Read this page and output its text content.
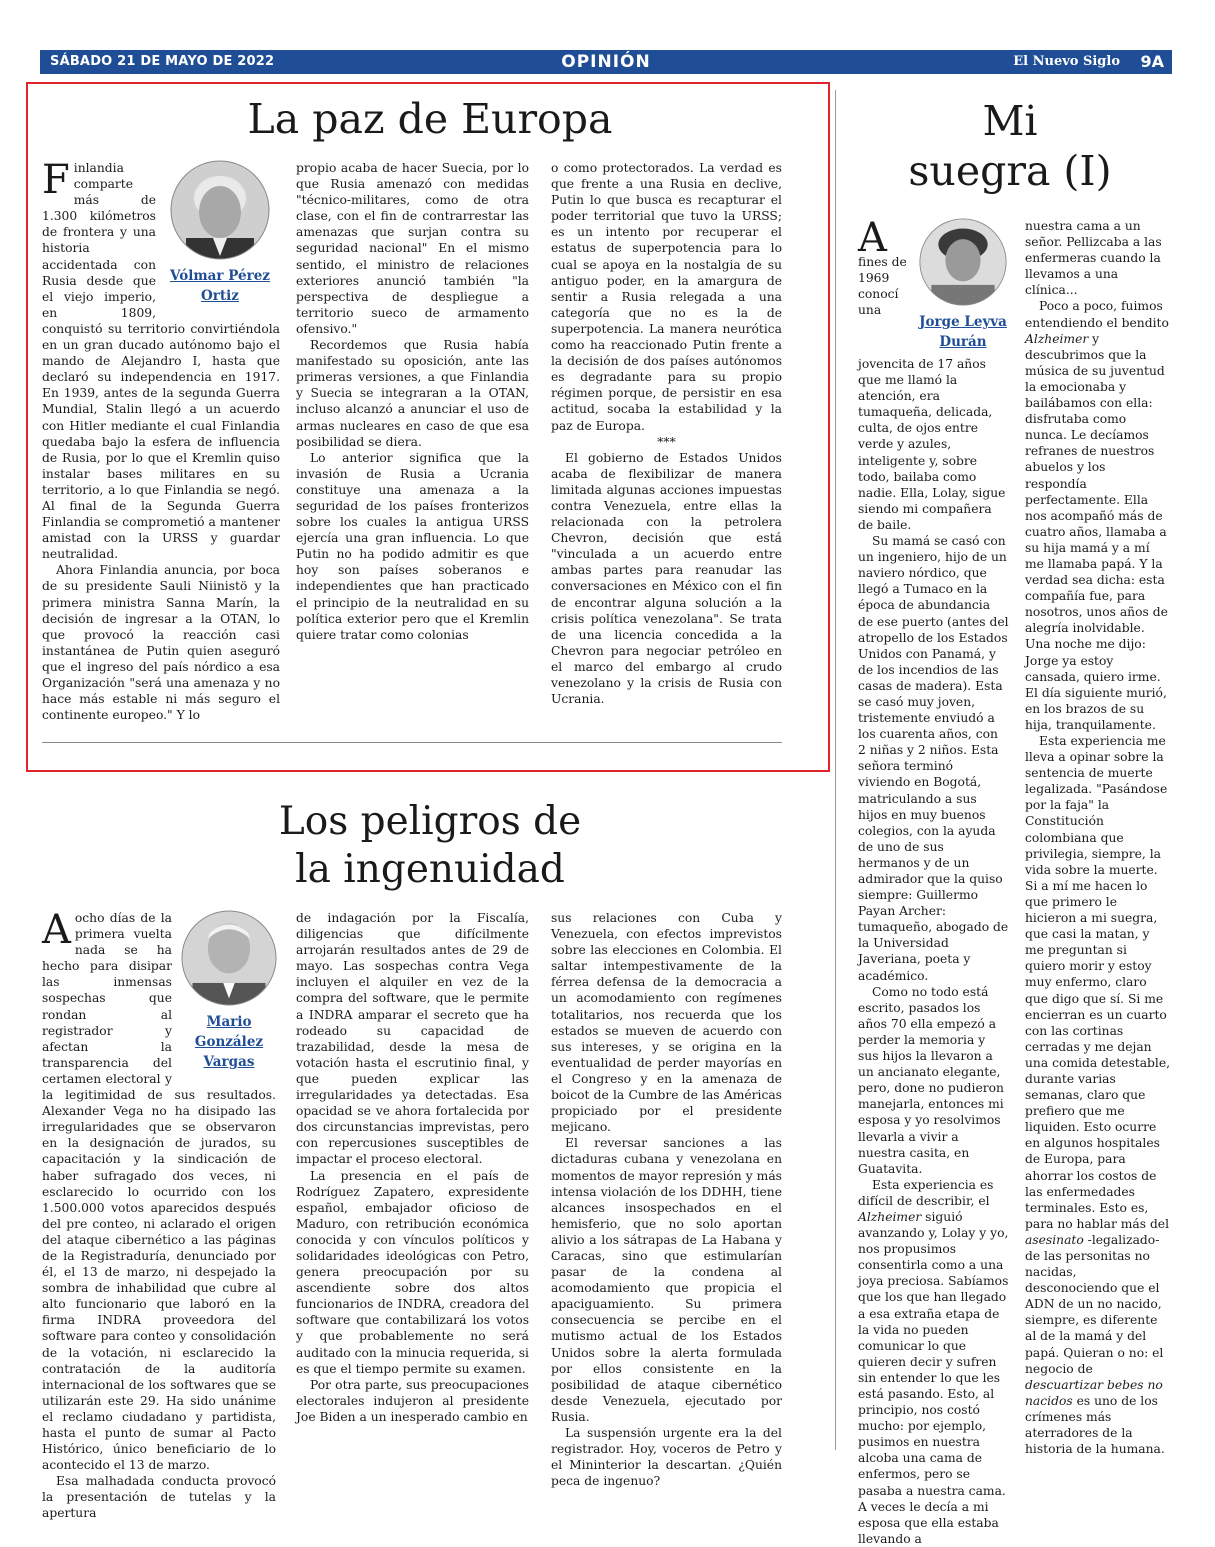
OPINIÓN
SÁBADO 21 DE MAYO DE 2022	El Nuevo Siglo 9A
La paz de Europa
Vólmar Pérez Ortiz

Finlandia comparte más de 1.300 kilómetros de frontera y una historia accidentada con Rusia desde que el viejo imperio, en 1809, conquistó su territorio convirtiéndola en un gran ducado autónomo bajo el mando de Alejandro I, hasta que declaró su independencia en 1917. En 1939, antes de la segunda Guerra Mundial, Stalin llegó a un acuerdo con Hitler mediante el cual Finlandia quedaba bajo la esfera de influencia de Rusia, por lo que el Kremlin quiso instalar bases militares en su territorio, a lo que Finlandia se negó. Al final de la Segunda Guerra Finlandia se comprometió a mantener amistad con la URSS y guardar neutralidad.

Ahora Finlandia anuncia, por boca de su presidente Sauli Niinistö y la primera ministra Sanna Marín, la decisión de ingresar a la OTAN, lo que provocó la reacción casi instantánea de Putin quien aseguró que el ingreso del país nórdico a esa Organización "será una amenaza y no hace más estable ni más seguro el continente europeo." Y lo

propio acaba de hacer Suecia, por lo que Rusia amenazó con medidas "técnico-militares, como de otra clase, con el fin de contrarrestar las amenazas que surjan contra su seguridad nacional" En el mismo sentido, el ministro de relaciones exteriores anunció también "la perspectiva de despliegue a territorio sueco de armamento ofensivo."

Recordemos que Rusia había manifestado su oposición, ante las primeras versiones, a que Finlandia y Suecia se integraran a la OTAN, incluso alcanzó a anunciar el uso de armas nucleares en caso de que esa posibilidad se diera.

Lo anterior significa que la invasión de Rusia a Ucrania constituye una amenaza a la seguridad de los países fronterizos sobre los cuales la antigua URSS ejercía una gran influencia. Lo que Putin no ha podido admitir es que hoy son países soberanos e independientes que han practicado el principio de la neutralidad en su política exterior pero que el Kremlin quiere tratar como colonias

o como protectorados. La verdad es que frente a una Rusia en declive, Putin lo que busca es recapturar el poder territorial que tuvo la URSS; es un intento por recuperar el estatus de superpotencia para lo cual se apoya en la nostalgia de su antiguo poder, en la amargura de sentir a Rusia relegada a una categoría que no es la de superpotencia. La manera neurótica como ha reaccionado Putin frente a la decisión de dos países autónomos es degradante para su propio régimen porque, de persistir en esa actitud, socaba la estabilidad y la paz de Europa.

***

El gobierno de Estados Unidos acaba de flexibilizar de manera limitada algunas acciones impuestas contra Venezuela, entre ellas la relacionada con la petrolera Chevron, decisión que está "vinculada a un acuerdo entre ambas partes para reanudar las conversaciones en México con el fin de encontrar alguna solución a la crisis política venezolana". Se trata de una licencia concedida a la Chevron para negociar petróleo en el marco del embargo al crudo venezolano y la crisis de Rusia con Ucrania.

Los peligros de
la ingenuidad
Mario González Vargas

Aocho días de la primera vuelta nada se ha hecho para disipar las inmensas sospechas que rondan al registrador y afectan la transparencia del certamen electoral y la legitimidad de sus resultados. Alexander Vega no ha disipado las irregularidades que se observaron en la designación de jurados, su capacitación y la sindicación de haber sufragado dos veces, ni esclarecido lo ocurrido con los 1.500.000 votos aparecidos después del pre conteo, ni aclarado el origen del ataque cibernético a las páginas de la Registraduría, denunciado por él, el 13 de marzo, ni despejado la sombra de inhabilidad que cubre al alto funcionario que laboró en la firma INDRA proveedora del software para conteo y consolidación de la votación, ni esclarecido la contratación de la auditoría internacional de los softwares que se utilizarán este 29. Ha sido unánime el reclamo ciudadano y partidista, hasta el punto de sumar al Pacto Histórico, único beneficiario de lo acontecido el 13 de marzo.

Esa malhadada conducta provocó la presentación de tutelas y la apertura

de indagación por la Fiscalía, diligencias que difícilmente arrojarán resultados antes de 29 de mayo. Las sospechas contra Vega incluyen el alquiler en vez de la compra del software, que le permite a INDRA amparar el secreto que ha rodeado su capacidad de trazabilidad, desde la mesa de votación hasta el escrutinio final, y que pueden explicar las irregularidades ya detectadas. Esa opacidad se ve ahora fortalecida por dos circunstancias imprevistas, pero con repercusiones susceptibles de impactar el proceso electoral.

La presencia en el país de Rodríguez Zapatero, expresidente español, embajador oficioso de Maduro, con retribución económica conocida y con vínculos políticos y solidaridades ideológicas con Petro, genera preocupación por su ascendiente sobre dos altos funcionarios de INDRA, creadora del software que contabilizará los votos y que probablemente no será auditado con la minucia requerida, si es que el tiempo permite su examen.

Por otra parte, sus preocupaciones electorales indujeron al presidente Joe Biden a un inesperado cambio en

sus relaciones con Cuba y Venezuela, con efectos imprevistos sobre las elecciones en Colombia. El saltar intempestivamente de la férrea defensa de la democracia a un acomodamiento con regímenes totalitarios, nos recuerda que los estados se mueven de acuerdo con sus intereses, y se origina en la eventualidad de perder mayorías en el Congreso y en la amenaza de boicot de la Cumbre de las Américas propiciado por el presidente mejicano.

El reversar sanciones a las dictaduras cubana y venezolana en momentos de mayor represión y más intensa violación de los DDHH, tiene alcances insospechados en el hemisferio, que no solo aportan alivio a los sátrapas de La Habana y Caracas, sino que estimularían pasar de la condena al acomodamiento que propicia el apaciguamiento. Su primera consecuencia se percibe en el mutismo actual de los Estados Unidos sobre la alerta formulada por ellos consistente en la posibilidad de ataque cibernético desde Venezuela, ejecutado por Rusia.

La suspensión urgente era la del registrador. Hoy, voceros de Petro y el Mininterior la descartan. ¿Quién peca de ingenuo?

Mi
suegra (I)
Jorge Leyva Durán

A
fines de 1969 conocí una jovencita de 17 años que me llamó la atención, era tumaqueña, delicada, culta, de ojos entre verde y azules, inteligente y, sobre todo, bailaba como nadie. Ella, Lolay, sigue siendo mi compañera de baile.

Su mamá se casó con un ingeniero, hijo de un naviero nórdico, que llegó a Tumaco en la época de abundancia de ese puerto (antes del atropello de los Estados Unidos con Panamá, y de los incendios de las casas de madera). Esta se casó muy joven, tristemente enviudó a los cuarenta años, con 2 niñas y 2 niños. Esta señora terminó viviendo en Bogotá, matriculando a sus hijos en muy buenos colegios, con la ayuda de uno de sus hermanos y de un admirador que la quiso siempre: Guillermo Payan Archer: tumaqueño, abogado de la Universidad Javeriana, poeta y académico.

Como no todo está escrito, pasados los años 70 ella empezó a perder la memoria y sus hijos la llevaron a un ancianato elegante, pero, done no pudieron manejarla, entonces mi esposa y yo resolvimos llevarla a vivir a nuestra casita, en Guatavita.

Esta experiencia es difícil de describir, el Alzheimer siguió avanzando y, Lolay y yo, nos propusimos consentirla como a una joya preciosa. Sabíamos que los que han llegado a esa extraña etapa de la vida no pueden comunicar lo que quieren decir y sufren sin entender lo que les está pasando. Esto, al principio, nos costó mucho: por ejemplo, pusimos en nuestra alcoba una cama de enfermos, pero se pasaba a nuestra cama. A veces le decía a mi esposa que ella estaba llevando a

nuestra cama a un señor. Pellizcaba a las enfermeras cuando la llevamos a una clínica...

Poco a poco, fuimos entendiendo el bendito Alzheimer y descubrimos que la música de su juventud la emocionaba y bailábamos con ella: disfrutaba como nunca. Le decíamos refranes de nuestros abuelos y los respondía perfectamente. Ella nos acompañó más de cuatro años, llamaba a su hija mamá y a mí me llamaba papá. Y la verdad sea dicha: esta compañía fue, para nosotros, unos años de alegría inolvidable. Una noche me dijo: Jorge ya estoy cansada, quiero irme. El día siguiente murió, en los brazos de su hija, tranquilamente.

Esta experiencia me lleva a opinar sobre la sentencia de muerte legalizada. "Pasándose por la faja" la Constitución colombiana que privilegia, siempre, la vida sobre la muerte. Si a mí me hacen lo que primero le hicieron a mi suegra, que casi la matan, y me preguntan si quiero morir y estoy muy enfermo, claro que digo que sí. Si me encierran es un cuarto con las cortinas cerradas y me dejan una comida detestable, durante varias semanas, claro que prefiero que me liquiden. Esto ocurre en algunos hospitales de Europa, para ahorrar los costos de las enfermedades terminales. Esto es, para no hablar más del asesinato -legalizado- de las personitas no nacidas, desconociendo que el ADN de un no nacido, siempre, es diferente al de la mamá y del papá. Quieran o no: el negocio de descuartizar bebes no nacidos es uno de los crímenes más aterradores de la historia de la humana.
